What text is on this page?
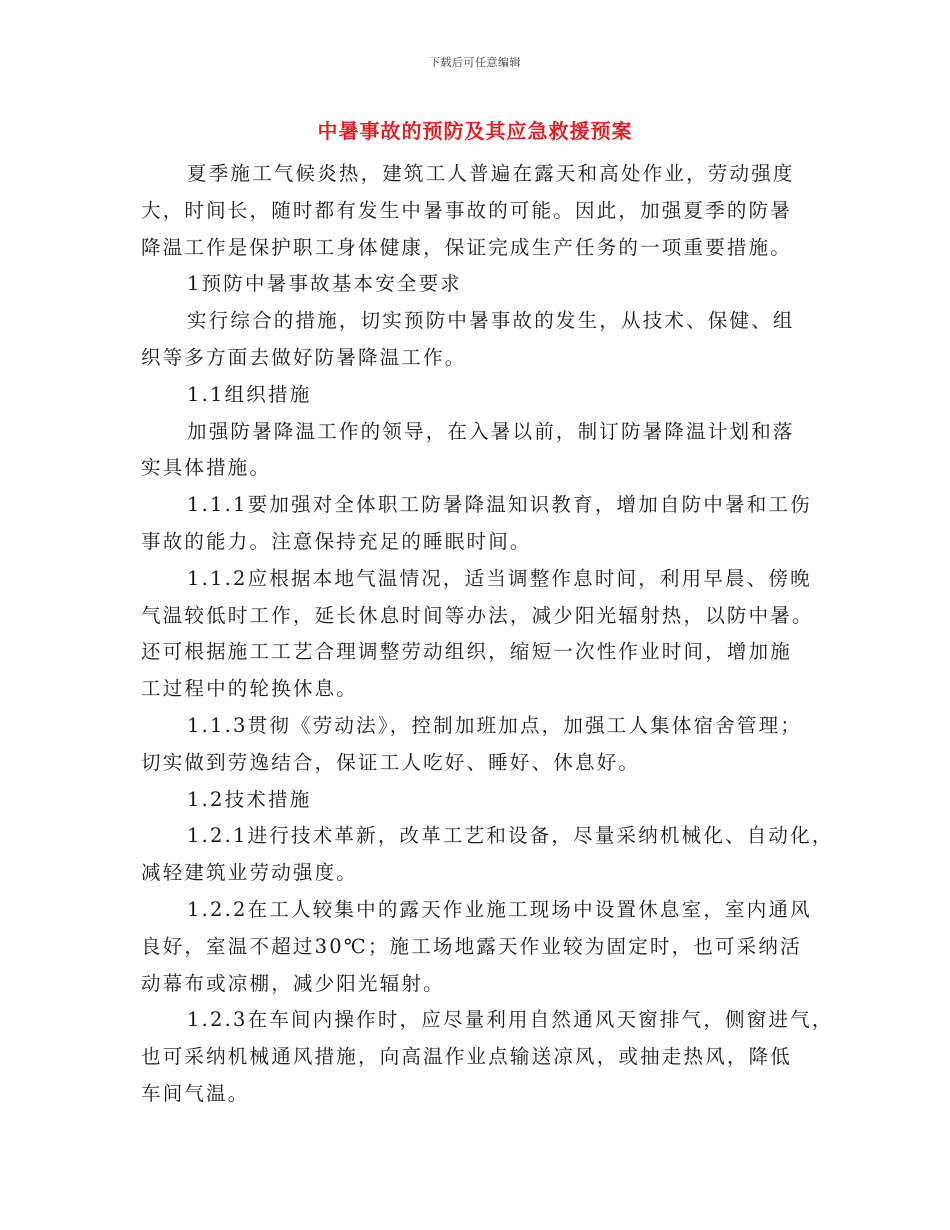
下载后可任意编辑
中暑事故的预防及其应急救援预案

夏季施工气候炎热，建筑工人普遍在露天和高处作业，劳动强度
大，时间长，随时都有发生中暑事故的可能。因此，加强夏季的防暑
降温工作是保护职工身体健康，保证完成生产任务的一项重要措施。

1预防中暑事故基本安全要求

实行综合的措施，切实预防中暑事故的发生，从技术、保健、组
织等多方面去做好防暑降温工作。

1.1组织措施

加强防暑降温工作的领导，在入暑以前，制订防暑降温计划和落
实具体措施。

1.1.1要加强对全体职工防暑降温知识教育，增加自防中暑和工伤
事故的能力。注意保持充足的睡眠时间。

1.1.2应根据本地气温情况，适当调整作息时间，利用早晨、傍晚
气温较低时工作，延长休息时间等办法，减少阳光辐射热，以防中暑。
还可根据施工工艺合理调整劳动组织，缩短一次性作业时间，增加施
工过程中的轮换休息。

1.1.3贯彻《劳动法》，控制加班加点，加强工人集体宿舍管理；
切实做到劳逸结合，保证工人吃好、睡好、休息好。

1.2技术措施

1.2.1进行技术革新，改革工艺和设备，尽量采纳机械化、自动化，
减轻建筑业劳动强度。

1.2.2在工人较集中的露天作业施工现场中设置休息室，室内通风
良好，室温不超过30℃；施工场地露天作业较为固定时，也可采纳活
动幕布或凉棚，减少阳光辐射。

1.2.3在车间内操作时，应尽量利用自然通风天窗排气，侧窗进气，
也可采纳机械通风措施，向高温作业点输送凉风，或抽走热风，降低
车间气温。
